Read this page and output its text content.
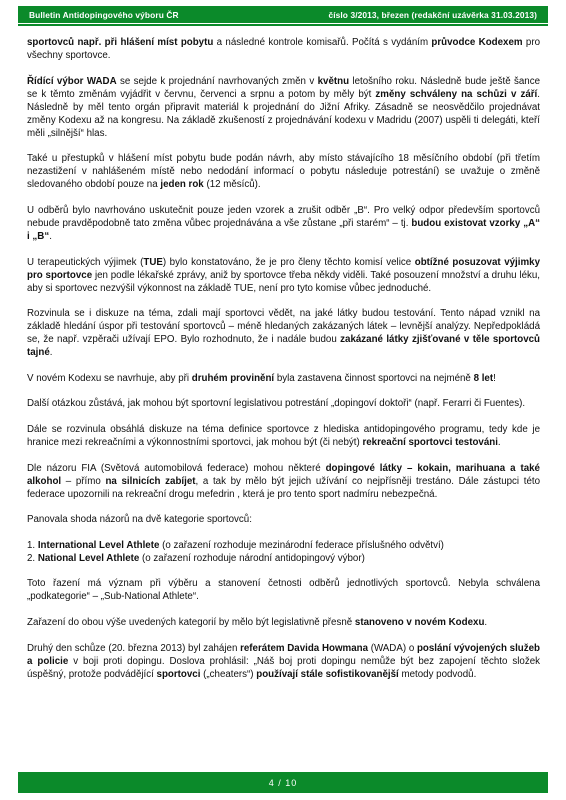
Bulletin Antidopingového výboru ČR	číslo 3/2013, březen (redakční uzávěrka 31.03.2013)

sportovců např. při hlášení míst pobytu a následné kontrole komisařů. Počítá s vydáním průvodce Kodexem pro všechny sportovce.

Řídící výbor WADA se sejde k projednání navrhovaných změn v květnu letošního roku. Následně bude ještě šance se k těmto změnám vyjádřit v červnu, červenci a srpnu a potom by měly být změny schváleny na schůzi v září. Následně by měl tento orgán připravit materiál k projednání do Jižní Afriky. Zásadně se neosvědčilo projednávat změny Kodexu až na kongresu. Na základě zkušeností z projednávání kodexu v Madridu (2007) uspěli ti delegáti, kteří měli „silnější“ hlas.

Také u přestupků v hlášení míst pobytu bude podán návrh, aby místo stávajícího 18 měsíčního období (při třetím nezastižení v nahlášeném místě nebo nedodání informací o pobytu následuje potrestání) se uvažuje o změně sledovaného období pouze na jeden rok (12 měsíců).

U odběrů bylo navrhováno uskutečnit pouze jeden vzorek a zrušit odběr „B“. Pro velký odpor především sportovců nebude pravděpodobně tato změna vůbec projednávána a vše zůstane „při starém“ – tj. budou existovat vzorky „A“ i „B“.

U terapeutických výjimek (TUE) bylo konstatováno, že je pro členy těchto komisí velice obtížné posuzovat výjimky pro sportovce jen podle lékařské zprávy, aniž by sportovce třeba někdy viděli. Také posouzení množství a druhu léku, aby si sportovec nezvýšil výkonnost na základě TUE, není pro tyto komise vůbec jednoduché.

Rozvinula se i diskuze na téma, zdali mají sportovci vědět, na jaké látky budou testování. Tento nápad vznikl na základě hledání úspor při testování sportovců – méně hledaných zakázaných látek – levnější analýzy. Nepředpokládá se, že např. vzpěrači užívají EPO. Bylo rozhodnuto, že i nadále budou zakázané látky zjišťované v těle sportovců tajné.

V novém Kodexu se navrhuje, aby při druhém provinění byla zastavena činnost sportovci na nejméně 8 let!

Další otázkou zůstává, jak mohou být sportovní legislativou potrestání „dopingoví doktoři“ (např. Ferarri či Fuentes).

Dále se rozvinula obsáhlá diskuze na téma definice sportovce z hlediska antidopingového programu, tedy kde je hranice mezi rekreačními a výkonnostními sportovci, jak mohou být (či nebýt) rekreační sportovci testováni.

Dle názoru FIA (Světová automobilová federace) mohou některé dopingové látky – kokain, marihuana a také alkohol – přímo na silnicích zabíjet, a tak by mělo být jejich užívání co nejpřísněji trestáno. Dále zástupci této federace upozornili na rekreační drogu mefedrin , která je pro tento sport nadmíru nebezpečná.

Panovala shoda názorů na dvě kategorie sportovců:

1. International Level Athlete (o zařazení rozhoduje mezinárodní federace příslušného odvětví)
2. National Level Athlete (o zařazení rozhoduje národní antidopingový výbor)

Toto řazení má význam při výběru a stanovení četnosti odběrů jednotlivých sportovců. Nebyla schválena „podkategorie“ – „Sub-National Athlete“.

Zařazení do obou výše uvedených kategorií by mělo být legislativně přesně stanoveno v novém Kodexu.

Druhý den schůze (20. března 2013) byl zahájen referátem Davida Howmana (WADA) o poslání vývojených služeb a policie v boji proti dopingu. Doslova prohlásil: „Náš boj proti dopingu nemůže být bez zapojení těchto složek úspěšný, protože podvádějící sportovci („cheaters“) používají stále sofistikovanější metody podvodů.

4 / 10
